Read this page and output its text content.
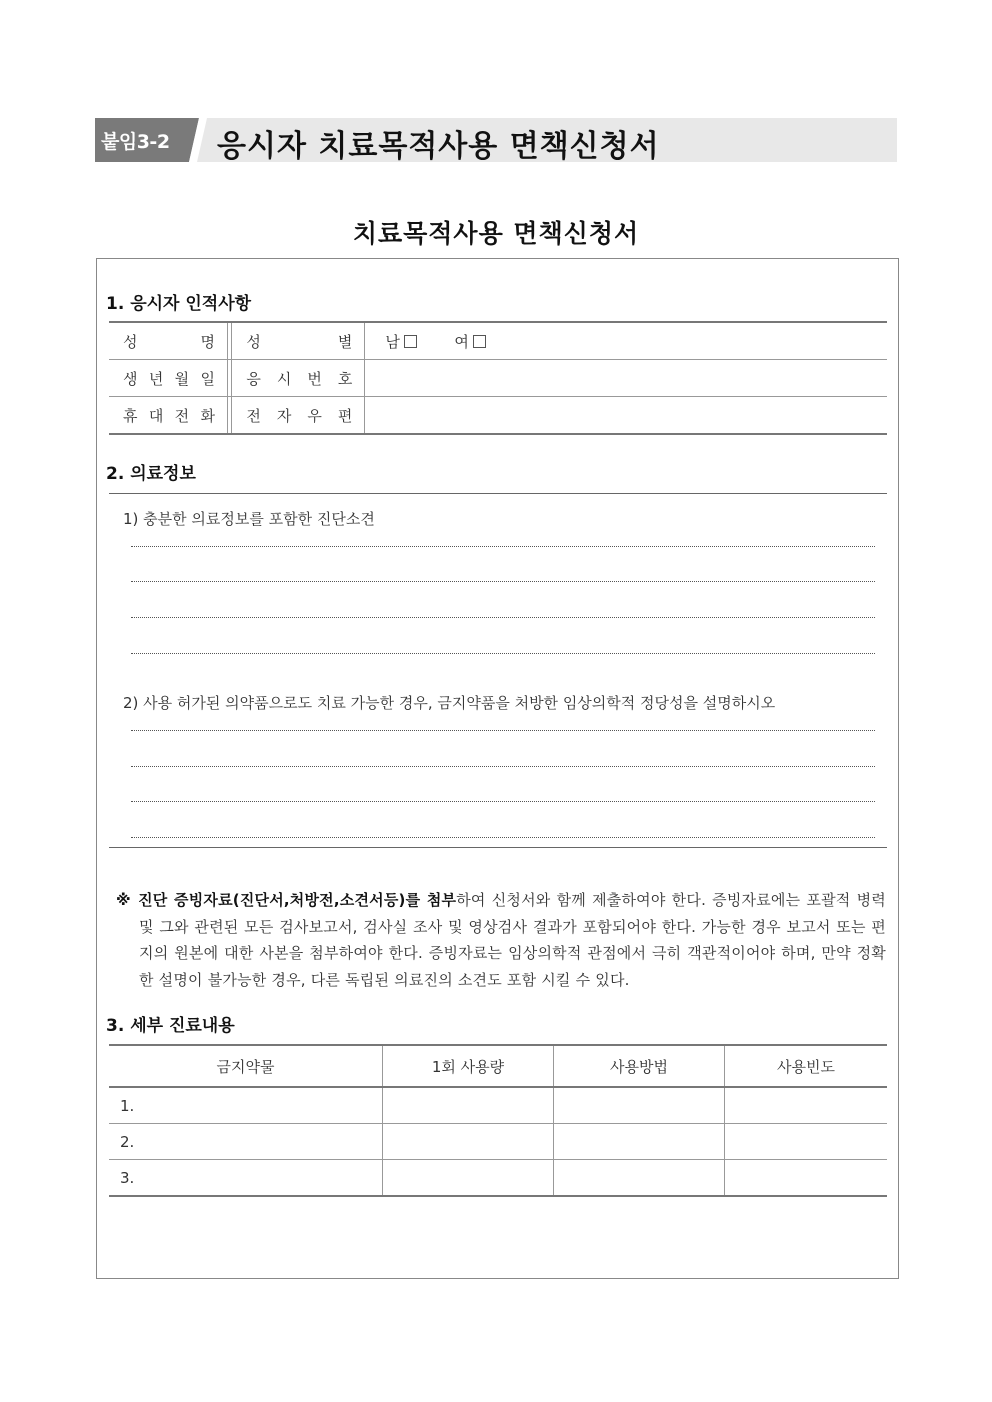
붙임3-2 응시자 치료목적사용 면책신청서
치료목적사용 면책신청서
1. 응시자 인적사항
성 명		성 별	남 여

생 년 월 일		응 시 번 호	

휴 대 전 화		전 자 우 편	

2. 의료정보
1) 충분한 의료정보를 포함한 진단소견
2) 사용 허가된 의약품으로도 치료 가능한 경우, 금지약품을 처방한 임상의학적 정당성을 설명하시오

※ 진단 증빙자료(진단서,처방전,소견서등)를 첨부하여 신청서와 함께 제출하여야 한다. 증빙자료에는 포괄적 병력 및 그와 관련된 모든 검사보고서, 검사실 조사 및 영상검사 결과가 포함되어야 한다. 가능한 경우 보고서 또는 편지의 원본에 대한 사본을 첨부하여야 한다. 증빙자료는 임상의학적 관점에서 극히 객관적이어야 하며, 만약 정확한 설명이 불가능한 경우, 다른 독립된 의료진의 소견도 포함 시킬 수 있다.

3. 세부 진료내용
금지약물	1회 사용량	사용방법	사용빈도
1.			
2.			
3.			
